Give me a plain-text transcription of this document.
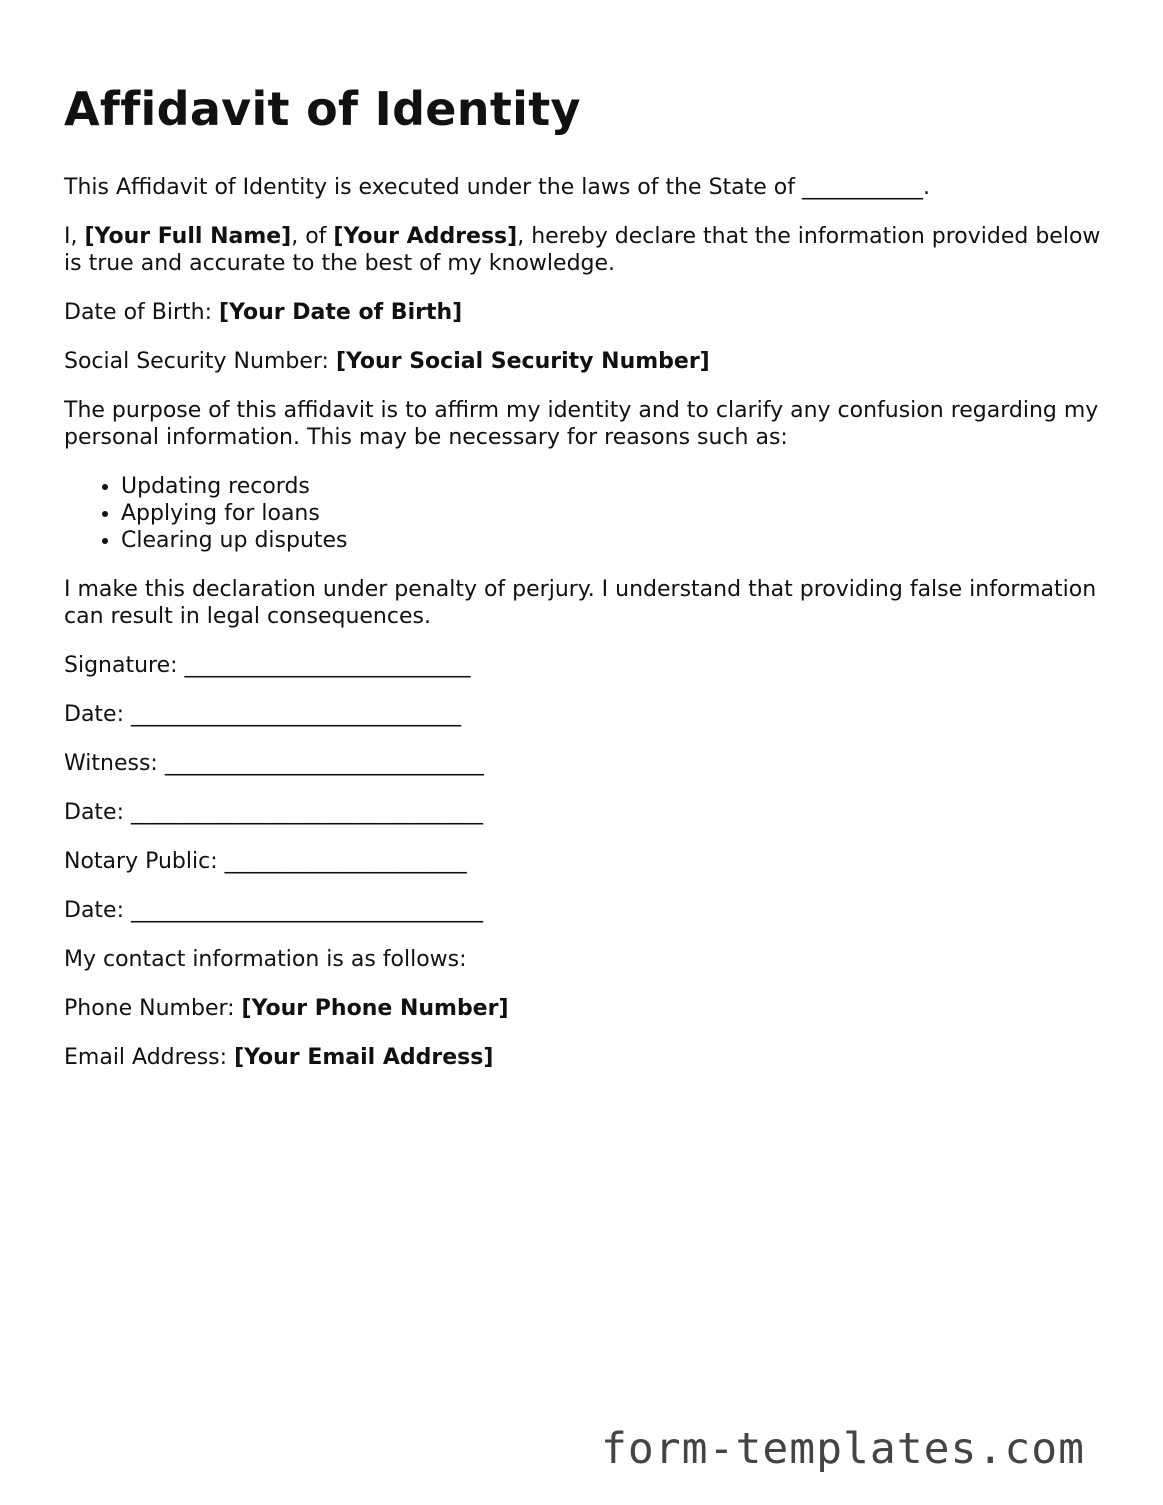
Affidavit of Identity

This Affidavit of Identity is executed under the laws of the State of ___________.

I, [Your Full Name], of [Your Address], hereby declare that the information provided below is true and accurate to the best of my knowledge.

Date of Birth: [Your Date of Birth]

Social Security Number: [Your Social Security Number]

The purpose of this affidavit is to affirm my identity and to clarify any confusion regarding my personal information. This may be necessary for reasons such as:

• Updating records
• Applying for loans
• Clearing up disputes

I make this declaration under penalty of perjury. I understand that providing false information can result in legal consequences.

Signature: __________________________

Date: ______________________________

Witness: _____________________________

Date: ________________________________

Notary Public: ______________________

Date: ________________________________

My contact information is as follows:

Phone Number: [Your Phone Number]

Email Address: [Your Email Address]

form-templates.com
